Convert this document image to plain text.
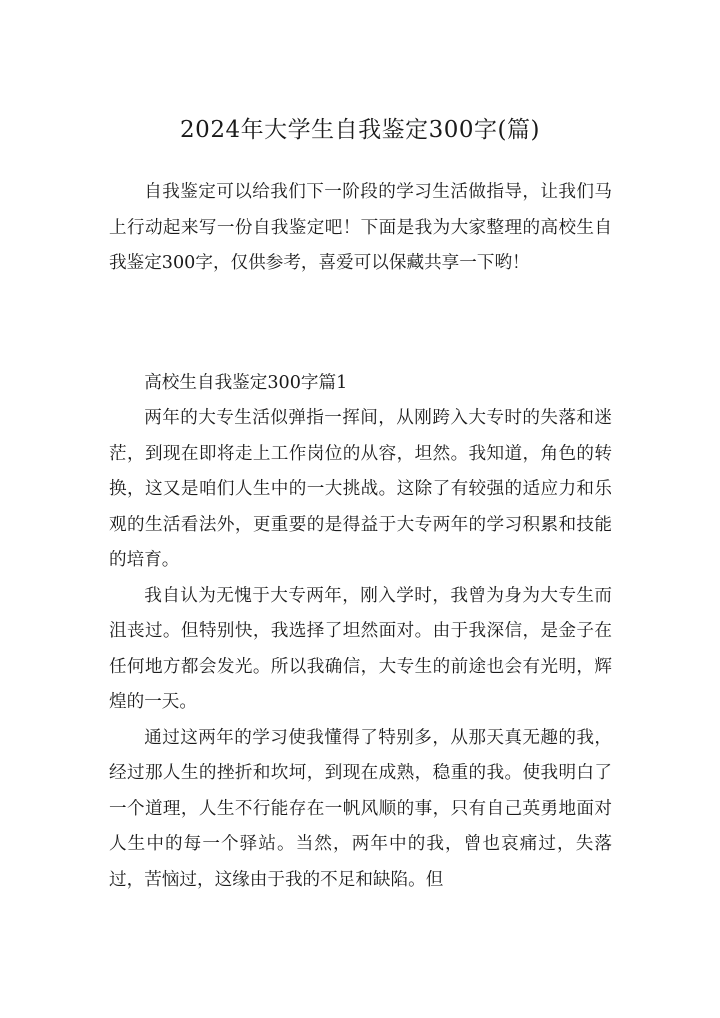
2024年大学生自我鉴定300字(篇)

自我鉴定可以给我们下一阶段的学习生活做指导，让我们马上行动起来写一份自我鉴定吧！下面是我为大家整理的高校生自我鉴定300字，仅供参考，喜爱可以保藏共享一下哟！

高校生自我鉴定300字篇1

两年的大专生活似弹指一挥间，从刚跨入大专时的失落和迷茫，到现在即将走上工作岗位的从容，坦然。我知道，角色的转换，这又是咱们人生中的一大挑战。这除了有较强的适应力和乐观的生活看法外，更重要的是得益于大专两年的学习积累和技能的培育。

我自认为无愧于大专两年，刚入学时，我曾为身为大专生而沮丧过。但特别快，我选择了坦然面对。由于我深信，是金子在任何地方都会发光。所以我确信，大专生的前途也会有光明，辉煌的一天。

通过这两年的学习使我懂得了特别多，从那天真无趣的我，经过那人生的挫折和坎坷，到现在成熟，稳重的我。使我明白了一个道理，人生不行能存在一帆风顺的事，只有自己英勇地面对人生中的每一个驿站。当然，两年中的我，曾也哀痛过，失落过，苦恼过，这缘由于我的不足和缺陷。但
